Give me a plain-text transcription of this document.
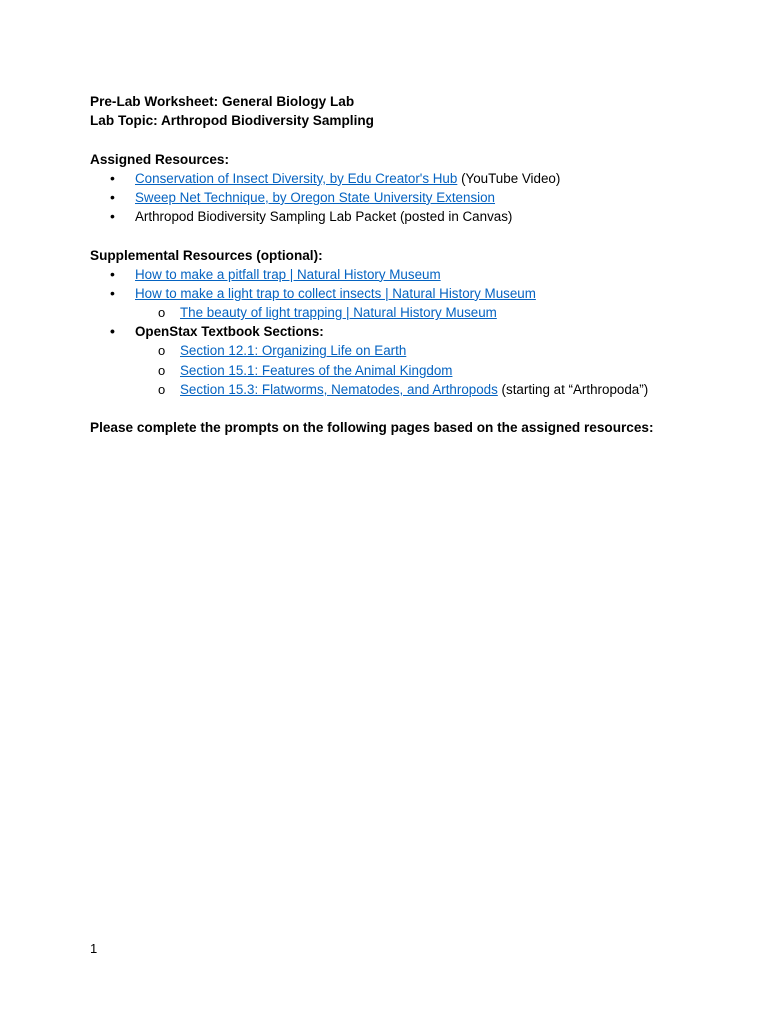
Pre-Lab Worksheet: General Biology Lab
Lab Topic: Arthropod Biodiversity Sampling
Assigned Resources:
•	Conservation of Insect Diversity, by Edu Creator's Hub (YouTube Video)
•	Sweep Net Technique, by Oregon State University Extension
•	Arthropod Biodiversity Sampling Lab Packet (posted in Canvas)
Supplemental Resources (optional):
•	How to make a pitfall trap | Natural History Museum
•	How to make a light trap to collect insects | Natural History Museum
o	The beauty of light trapping | Natural History Museum
•	OpenStax Textbook Sections:
o	Section 12.1: Organizing Life on Earth
o	Section 15.1: Features of the Animal Kingdom
o	Section 15.3: Flatworms, Nematodes, and Arthropods (starting at “Arthropoda”)
Please complete the prompts on the following pages based on the assigned resources:
1
